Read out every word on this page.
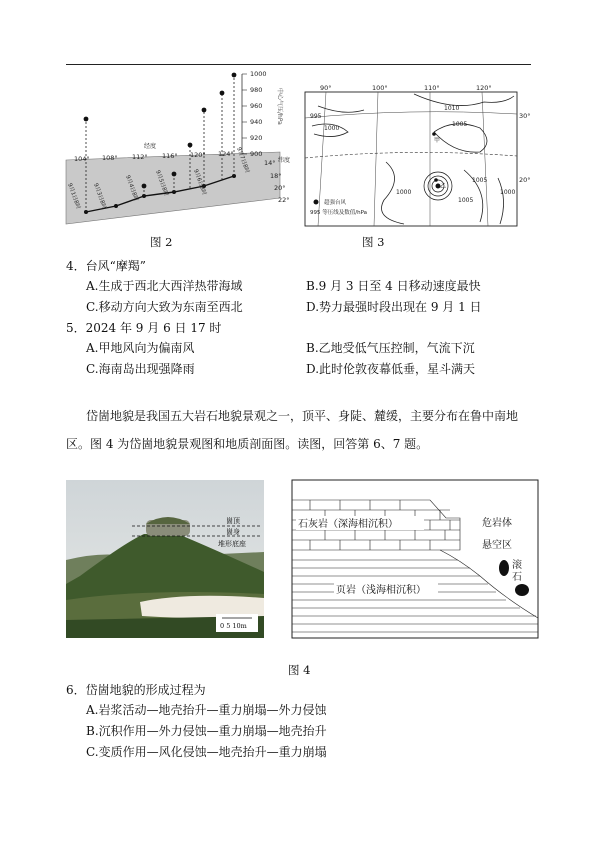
1000
980
960
940
920
900
中心气压/hPa
104° 108° 112° 116° 120° 124°
经度
纬度
14°
18°
20°
22°
9月1日8时	9月3日8时	9月4日8时	9月5日8时	9月6日8时
9月7日8时
图 2
90°	100°	110°	120°
30°
20°
1010
1005
1000
1000
1005
995
1000
1005
甲
乙
超强台风
995 等压线及数值/hPa
图 3
4．台风“摩羯”
A.生成于西北大西洋热带海域	B.9 月 3 日至 4 日移动速度最快
C.移动方向大致为东南至西北	D.势力最强时段出现在 9 月 1 日
5．2024 年 9 月 6 日 17 时
A.甲地风向为偏南风	B.乙地受低气压控制，气流下沉
C.海南岛出现强降雨	D.此时伦敦夜幕低垂，星斗满天
岱崮地貌是我国五大岩石地貌景观之一，顶平、身陡、麓缓，主要分布在鲁中南地
区。图 4 为岱崮地貌景观图和地质剖面图。读图，回答第 6、7 题。
崮顶
崮身
堆形底座
0 5 10m
石灰岩（深海相沉积）
页岩（浅海相沉积）
危岩体
悬空区
滚
石
图 4
6．岱崮地貌的形成过程为
A.岩浆活动—地壳抬升—重力崩塌—外力侵蚀
B.沉积作用—外力侵蚀—重力崩塌—地壳抬升
C.变质作用—风化侵蚀—地壳抬升—重力崩塌
